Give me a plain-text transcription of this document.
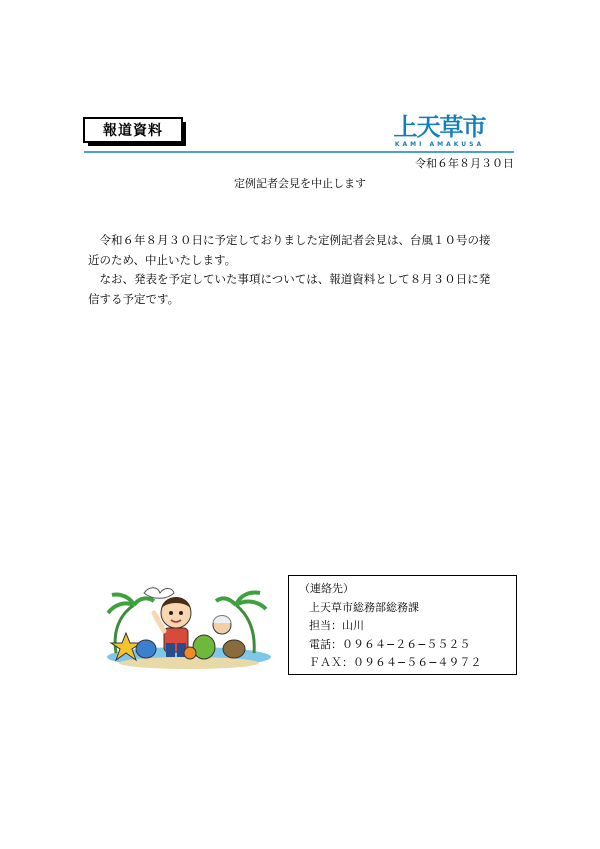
報道資料	上天草市
KAMI AMAKUSA
令和６年８月３０日
定例記者会見を中止します

　令和６年８月３０日に予定しておりました定例記者会見は、台風１０号の接

近のため、中止いたします。

　なお、発表を予定していた事項については、報道資料として８月３０日に発

信する予定です。

（連絡先）
上天草市総務部総務課
担当：山川
電話：０９６４−２６−５５２５
ＦＡＸ：０９６４−５６−４９７２
